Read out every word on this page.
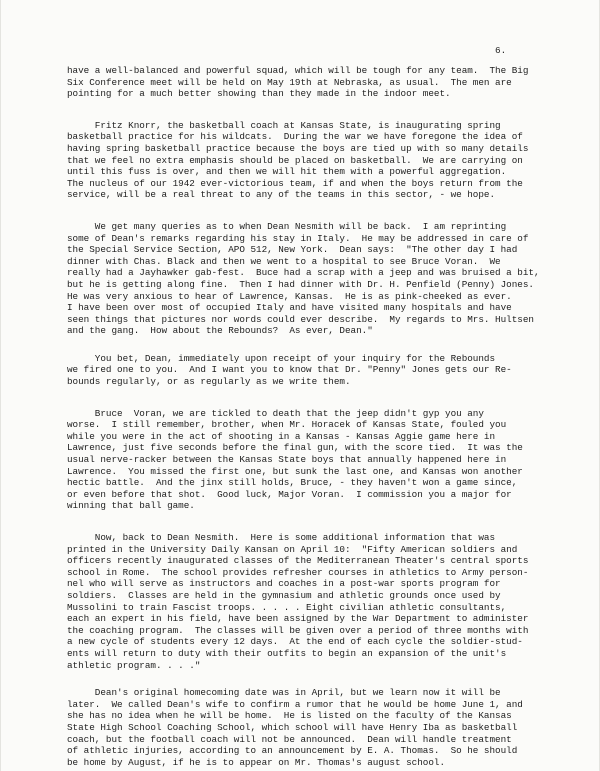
6.
have a well-balanced and powerful squad, which will be tough for any team.  The Big
Six Conference meet will be held on May 19th at Nebraska, as usual.  The men are
pointing for a much better showing than they made in the indoor meet.
Fritz Knorr, the basketball coach at Kansas State, is inaugurating spring
basketball practice for his wildcats.  During the war we have foregone the idea of
having spring basketball practice because the boys are tied up with so many details
that we feel no extra emphasis should be placed on basketball.  We are carrying on
until this fuss is over, and then we will hit them with a powerful aggregation.
The nucleus of our 1942 ever-victorious team, if and when the boys return from the
service, will be a real threat to any of the teams in this sector, - we hope.
We get many queries as to when Dean Nesmith will be back.  I am reprinting
some of Dean's remarks regarding his stay in Italy.  He may be addressed in care of
the Special Service Section, APO 512, New York.  Dean says:  "The other day I had
dinner with Chas. Black and then we went to a hospital to see Bruce Voran.  We
really had a Jayhawker gab-fest.  Buce had a scrap with a jeep and was bruised a bit,
but he is getting along fine.  Then I had dinner with Dr. H. Penfield (Penny) Jones.
He was very anxious to hear of Lawrence, Kansas.  He is as pink-cheeked as ever.
I have been over most of occupied Italy and have visited many hospitals and have
seen things that pictures nor words could ever describe.  My regards to Mrs. Hultsen
and the gang.  How about the Rebounds?  As ever, Dean."
You bet, Dean, immediately upon receipt of your inquiry for the Rebounds
we fired one to you.  And I want you to know that Dr. "Penny" Jones gets our Re-
bounds regularly, or as regularly as we write them.
Bruce  Voran, we are tickled to death that the jeep didn't gyp you any
worse.  I still remember, brother, when Mr. Horacek of Kansas State, fouled you
while you were in the act of shooting in a Kansas - Kansas Aggie game here in
Lawrence, just five seconds before the final gun, with the score tied.  It was the
usual nerve-racker between the Kansas State boys that annually happened here in
Lawrence.  You missed the first one, but sunk the last one, and Kansas won another
hectic battle.  And the jinx still holds, Bruce, - they haven't won a game since,
or even before that shot.  Good luck, Major Voran.  I commission you a major for
winning that ball game.
Now, back to Dean Nesmith.  Here is some additional information that was
printed in the University Daily Kansan on April 10:  "Fifty American soldiers and
officers recently inaugurated classes of the Mediterranean Theater's central sports
school in Rome.  The school provides refresher courses in athletics to Army person-
nel who will serve as instructors and coaches in a post-war sports program for
soldiers.  Classes are held in the gymnasium and athletic grounds once used by
Mussolini to train Fascist troops. . . . . Eight civilian athletic consultants,
each an expert in his field, have been assigned by the War Department to administer
the coaching program.  The classes will be given over a period of three months with
a new cycle of students every 12 days.  At the end of each cycle the soldier-stud-
ents will return to duty with their outfits to begin an expansion of the unit's
athletic program. . . ."
Dean's original homecoming date was in April, but we learn now it will be
later.  We called Dean's wife to confirm a rumor that he would be home June 1, and
she has no idea when he will be home.  He is listed on the faculty of the Kansas
State High School Coaching School, which school will have Henry Iba as basketball
coach, but the football coach will not be announced.  Dean will handle treatment
of athletic injuries, according to an announcement by E. A. Thomas.  So he should
be home by August, if he is to appear on Mr. Thomas's august school.
